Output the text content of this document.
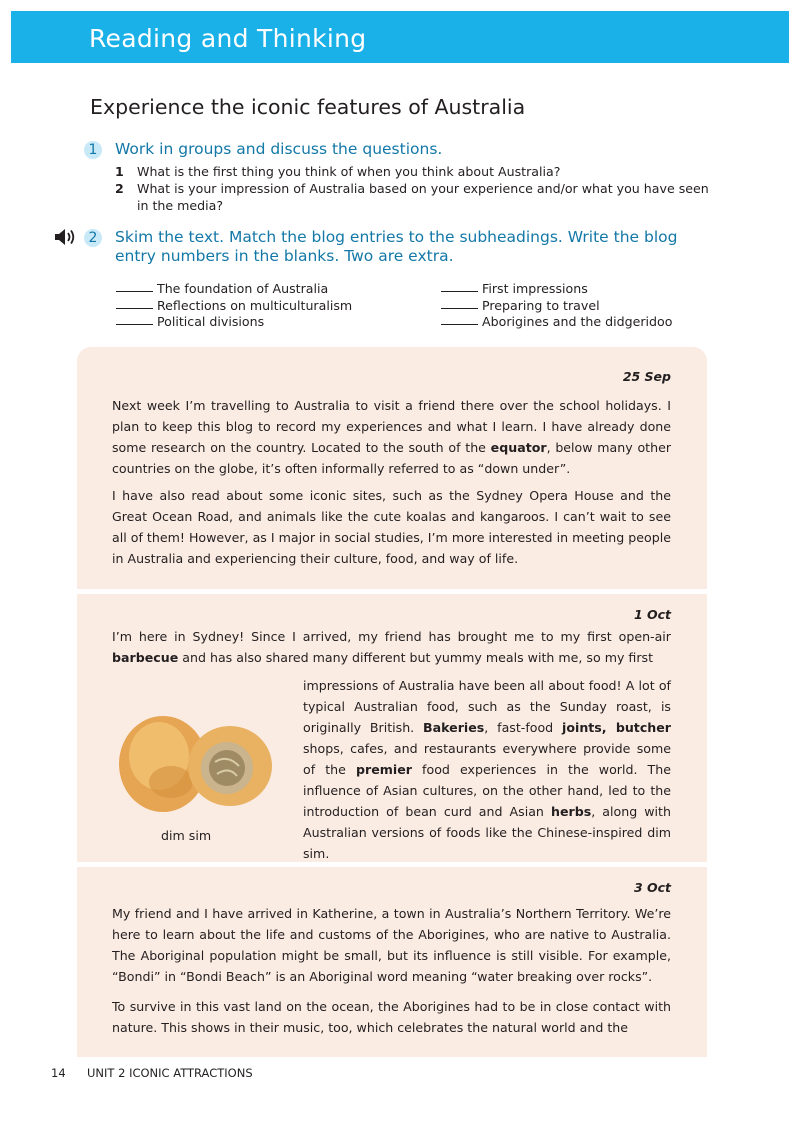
Reading and Thinking
Experience the iconic features of Australia
1 Work in groups and discuss the questions.
1	What is the first thing you think of when you think about Australia?
2	What is your impression of Australia based on your experience and/or what you have seen in the media?
2 Skim the text. Match the blog entries to the subheadings. Write the blog
entry numbers in the blanks. Two are extra.
The foundation of Australia
Reflections on multiculturalism
Political divisions
First impressions
Preparing to travel
Aborigines and the didgeridoo
25 Sep

Next week I’m travelling to Australia to visit a friend there over the school holidays. I plan to keep this blog to record my experiences and what I learn. I have already done some research on the country. Located to the south of the equator, below many other countries on the globe, it’s often informally referred to as “down under”.

I have also read about some iconic sites, such as the Sydney Opera House and the Great Ocean Road, and animals like the cute koalas and kangaroos. I can’t wait to see all of them! However, as I major in social studies, I’m more interested in meeting people in Australia and experiencing their culture, food, and way of life.

1 Oct

I’m here in Sydney! Since I arrived, my friend has brought me to my first open-air barbecue and has also shared many different but yummy meals with me, so my first

dim sim

impressions of Australia have been all about food! A lot of typical Australian food, such as the Sunday roast, is originally British. Bakeries, fast-food joints, butcher shops, cafes, and restaurants everywhere provide some of the premier food experiences in the world. The influence of Asian cultures, on the other hand, led to the introduction of bean curd and Asian herbs, along with Australian versions of foods like the Chinese-inspired dim sim.

3 Oct

My friend and I have arrived in Katherine, a town in Australia’s Northern Territory. We’re here to learn about the life and customs of the Aborigines, who are native to Australia. The Aboriginal population might be small, but its influence is still visible. For example, “Bondi” in “Bondi Beach” is an Aboriginal word meaning “water breaking over rocks”.

To survive in this vast land on the ocean, the Aborigines had to be in close contact with nature. This shows in their music, too, which celebrates the natural world and the

14 UNIT 2 ICONIC ATTRACTIONS
